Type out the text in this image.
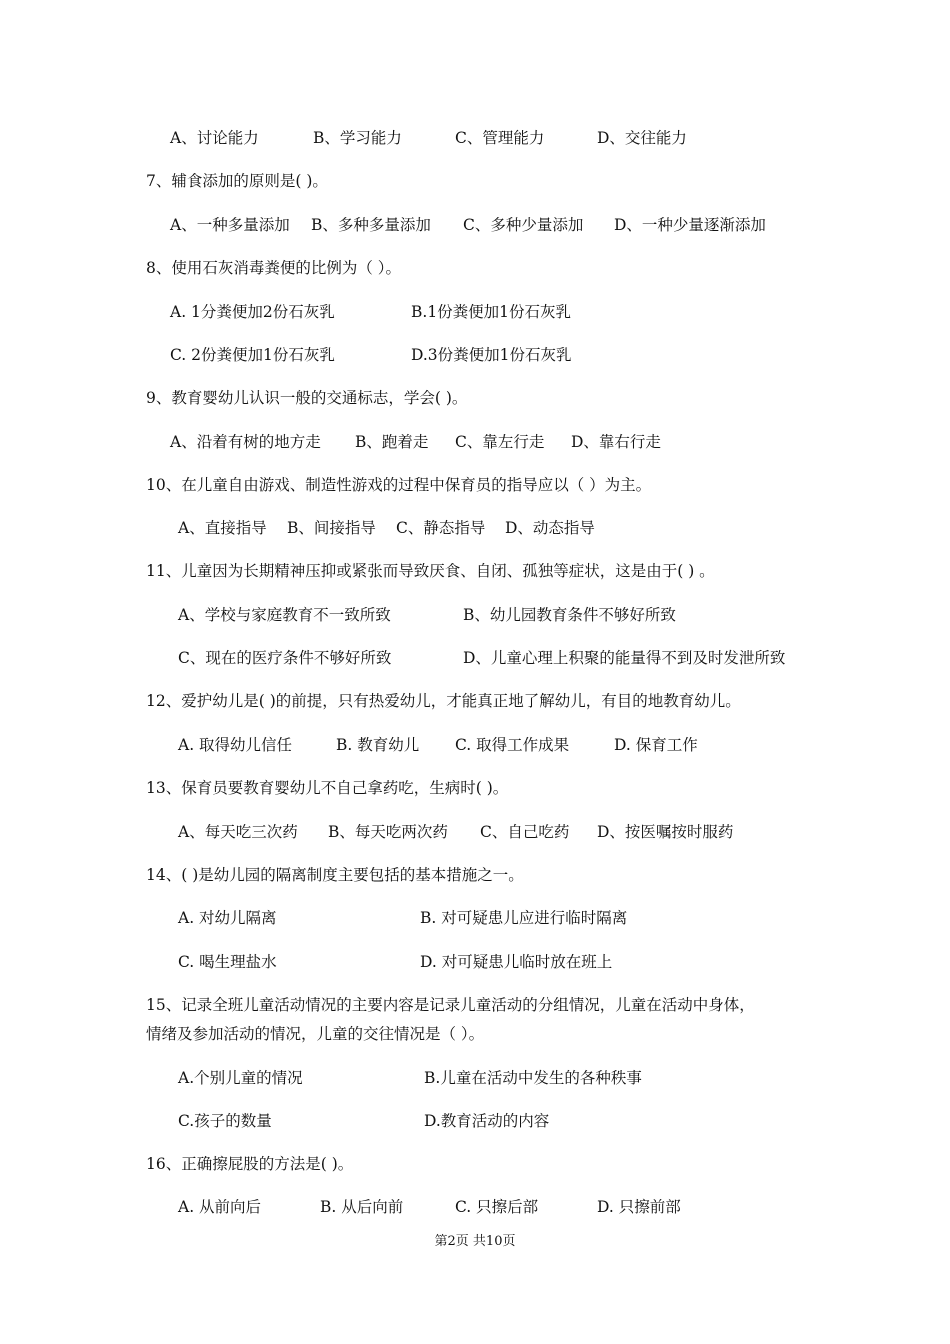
7、辅食添加的原则是( )。
8、使用石灰消毒粪便的比例为（ ）。
9、教育婴幼儿认识一般的交通标志，学会( )。
10、在儿童自由游戏、制造性游戏的过程中保育员的指导应以（ ）为主。
11、儿童因为长期精神压抑或紧张而导致厌食、自闭、孤独等症状，这是由于( ) 。
12、爱护幼儿是( )的前提，只有热爱幼儿，才能真正地了解幼儿，有目的地教育幼儿。
13、保育员要教育婴幼儿不自己拿药吃，生病时( )。
14、( )是幼儿园的隔离制度主要包括的基本措施之一。
15、记录全班儿童活动情况的主要内容是记录儿童活动的分组情况，儿童在活动中身体，
情绪及参加活动的情况，儿童的交往情况是（ ）。
16、正确擦屁股的方法是( )。
A、讨论能力	B、学习能力	C、管理能力	D、交往能力
A、一种多量添加 B、多种多量添加 C、多种少量添加 D、一种少量逐渐添加
A. 1分粪便加2份石灰乳	B.1份粪便加1份石灰乳
C. 2份粪便加1份石灰乳	D.3份粪便加1份石灰乳
A、沿着有树的地方走 B、跑着走 C、靠左行走 D、靠右行走
A、直接指导 B、间接指导 C、静态指导 D、动态指导
A、学校与家庭教育不一致所致	B、幼儿园教育条件不够好所致
C、现在的医疗条件不够好所致	D、儿童心理上积聚的能量得不到及时发泄所致
A. 取得幼儿信任	B. 教育幼儿 C. 取得工作成果	D. 保育工作
A、每天吃三次药 B、每天吃两次药 C、自己吃药 D、按医嘱按时服药
A. 对幼儿隔离	B. 对可疑患儿应进行临时隔离
C. 喝生理盐水	D. 对可疑患儿临时放在班上
A.个别儿童的情况	B.儿童在活动中发生的各种秩事
C.孩子的数量	D.教育活动的内容
A. 从前向后	B. 从后向前	C. 只擦后部	D. 只擦前部
第2页 共10页
